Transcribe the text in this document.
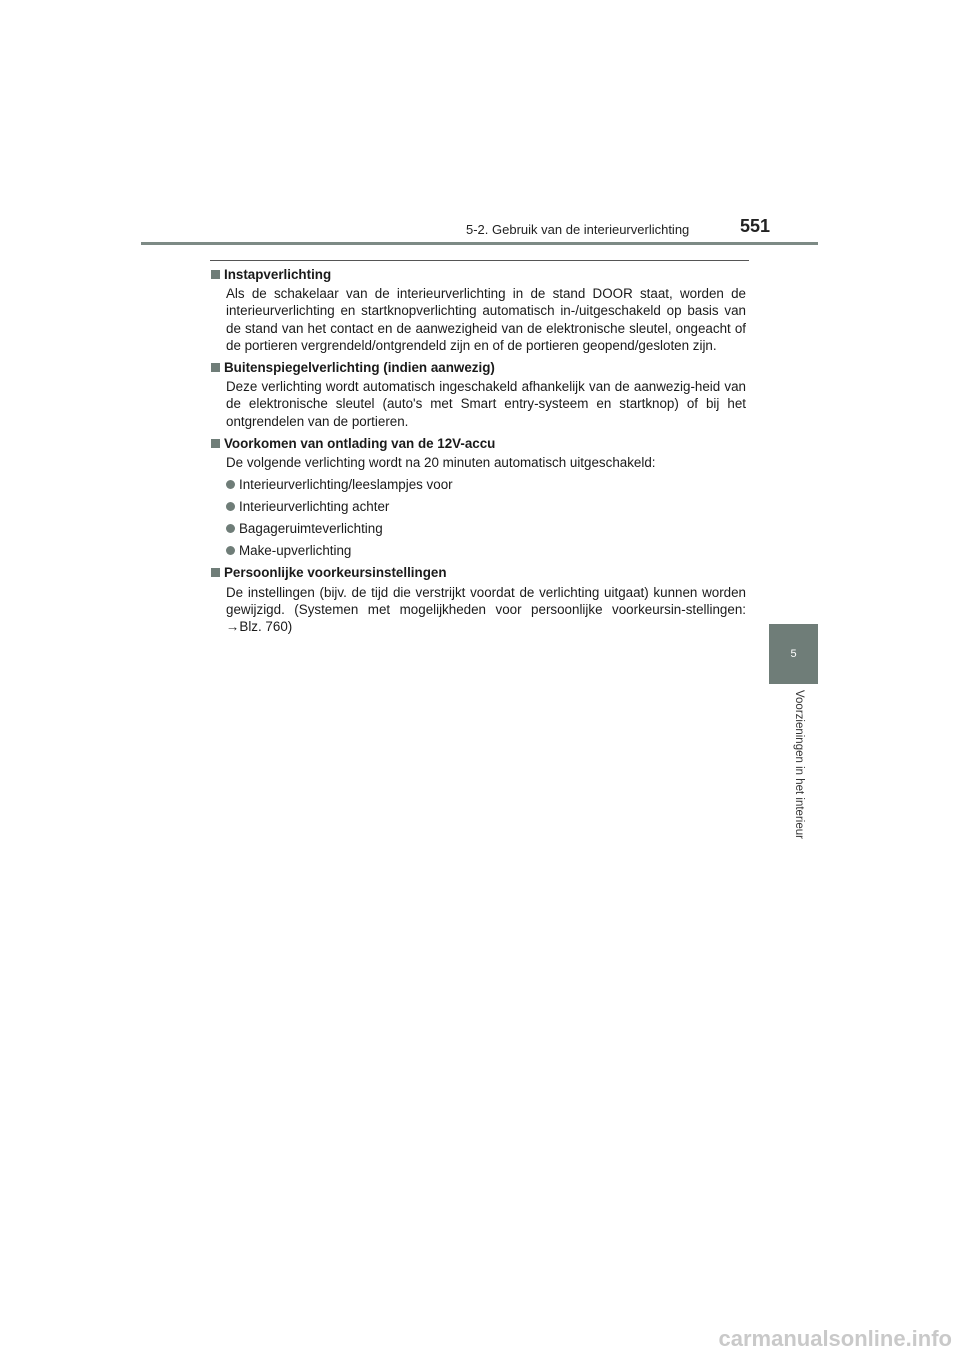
5-2. Gebruik van de interieurverlichting	551
5
Voorzieningen in het interieur
Instapverlichting
Als de schakelaar van de interieurverlichting in de stand DOOR staat, worden de interieurverlichting en startknopverlichting automatisch in-/uitgeschakeld op basis van de stand van het contact en de aanwezigheid van de elektronische sleutel, ongeacht of de portieren vergrendeld/ontgrendeld zijn en of de portieren geopend/gesloten zijn.
Buitenspiegelverlichting (indien aanwezig)
Deze verlichting wordt automatisch ingeschakeld afhankelijk van de aanwezig-heid van de elektronische sleutel (auto's met Smart entry-systeem en startknop) of bij het ontgrendelen van de portieren.
Voorkomen van ontlading van de 12V-accu
De volgende verlichting wordt na 20 minuten automatisch uitgeschakeld:
Interieurverlichting/leeslampjes voor
Interieurverlichting achter
Bagageruimteverlichting
Make-upverlichting
Persoonlijke voorkeursinstellingen
De instellingen (bijv. de tijd die verstrijkt voordat de verlichting uitgaat) kunnen worden gewijzigd. (Systemen met mogelijkheden voor persoonlijke voorkeursin-stellingen: →Blz. 760)
carmanualsonline.info
